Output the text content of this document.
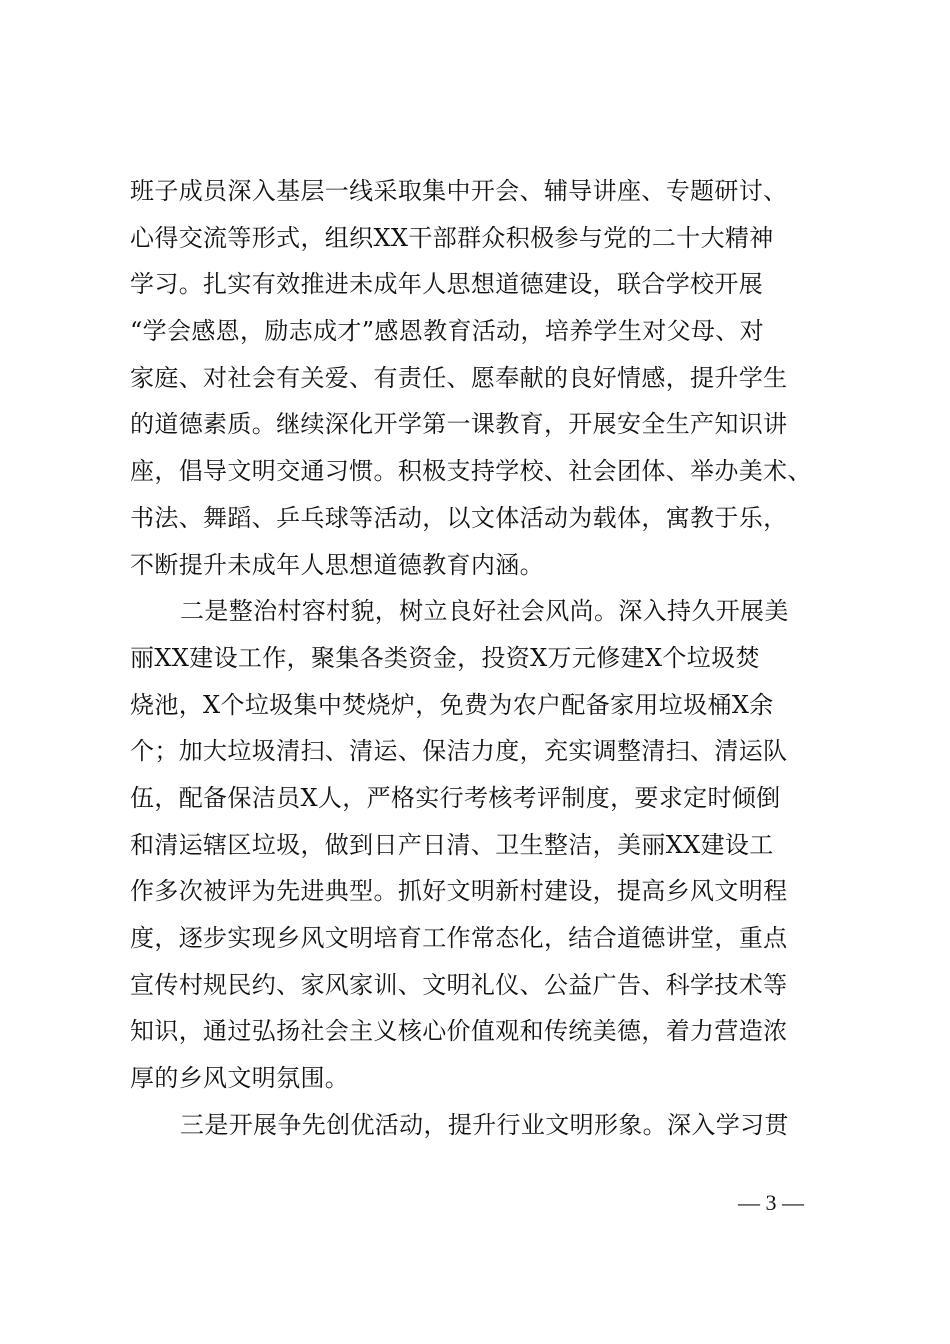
班子成员深入基层一线采取集中开会、辅导讲座、专题研讨、
心得交流等形式，组织XX干部群众积极参与党的二十大精神
学习。扎实有效推进未成年人思想道德建设，联合学校开展
“学会感恩，励志成才”感恩教育活动，培养学生对父母、对
家庭、对社会有关爱、有责任、愿奉献的良好情感，提升学生
的道德素质。继续深化开学第一课教育，开展安全生产知识讲
座，倡导文明交通习惯。积极支持学校、社会团体、举办美术、
书法、舞蹈、乒乓球等活动，以文体活动为载体，寓教于乐，
不断提升未成年人思想道德教育内涵。
二是整治村容村貌，树立良好社会风尚。深入持久开展美
丽XX建设工作，聚集各类资金，投资X万元修建X个垃圾焚
烧池，X个垃圾集中焚烧炉，免费为农户配备家用垃圾桶X余
个；加大垃圾清扫、清运、保洁力度，充实调整清扫、清运队
伍，配备保洁员X人，严格实行考核考评制度，要求定时倾倒
和清运辖区垃圾，做到日产日清、卫生整洁，美丽XX建设工
作多次被评为先进典型。抓好文明新村建设，提高乡风文明程
度，逐步实现乡风文明培育工作常态化，结合道德讲堂，重点
宣传村规民约、家风家训、文明礼仪、公益广告、科学技术等
知识，通过弘扬社会主义核心价值观和传统美德，着力营造浓
厚的乡风文明氛围。
三是开展争先创优活动，提升行业文明形象。深入学习贯
— 3 —
